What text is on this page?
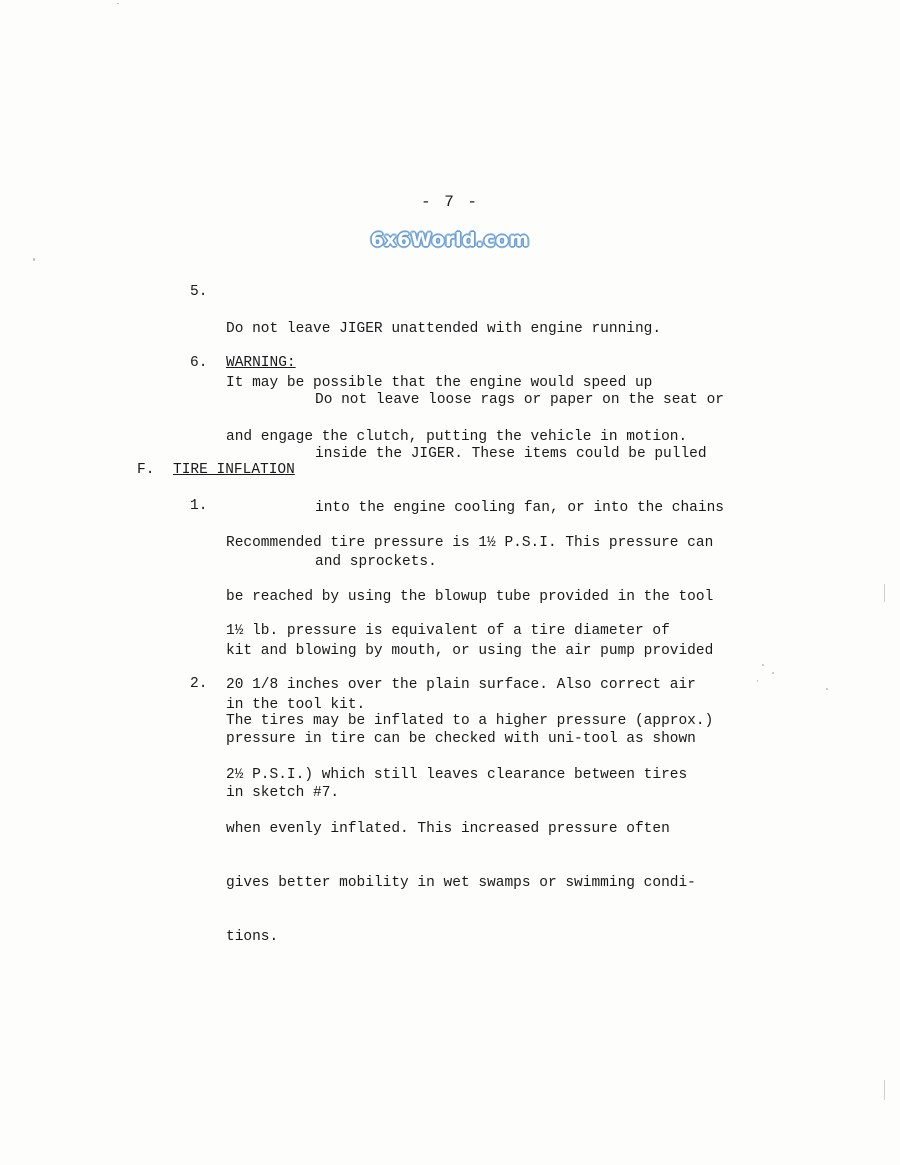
- 7 -
6x6World.com
5.

Do not leave JIGER unattended with engine running.

It may be possible that the engine would speed up

and engage the clutch, putting the vehicle in motion.

6. WARNING:

Do not leave loose rags or paper on the seat or

inside the JIGER. These items could be pulled

into the engine cooling fan, or into the chains

and sprockets.

F. TIRE INFLATION
1.

Recommended tire pressure is 1½ P.S.I. This pressure can

be reached by using the blowup tube provided in the tool

kit and blowing by mouth, or using the air pump provided

in the tool kit.

1½ lb. pressure is equivalent of a tire diameter of

20 1/8 inches over the plain surface. Also correct air

pressure in tire can be checked with uni-tool as shown

in sketch #7.

2.

The tires may be inflated to a higher pressure (approx.)

2½ P.S.I.) which still leaves clearance between tires

when evenly inflated. This increased pressure often

gives better mobility in wet swamps or swimming condi-

tions.
